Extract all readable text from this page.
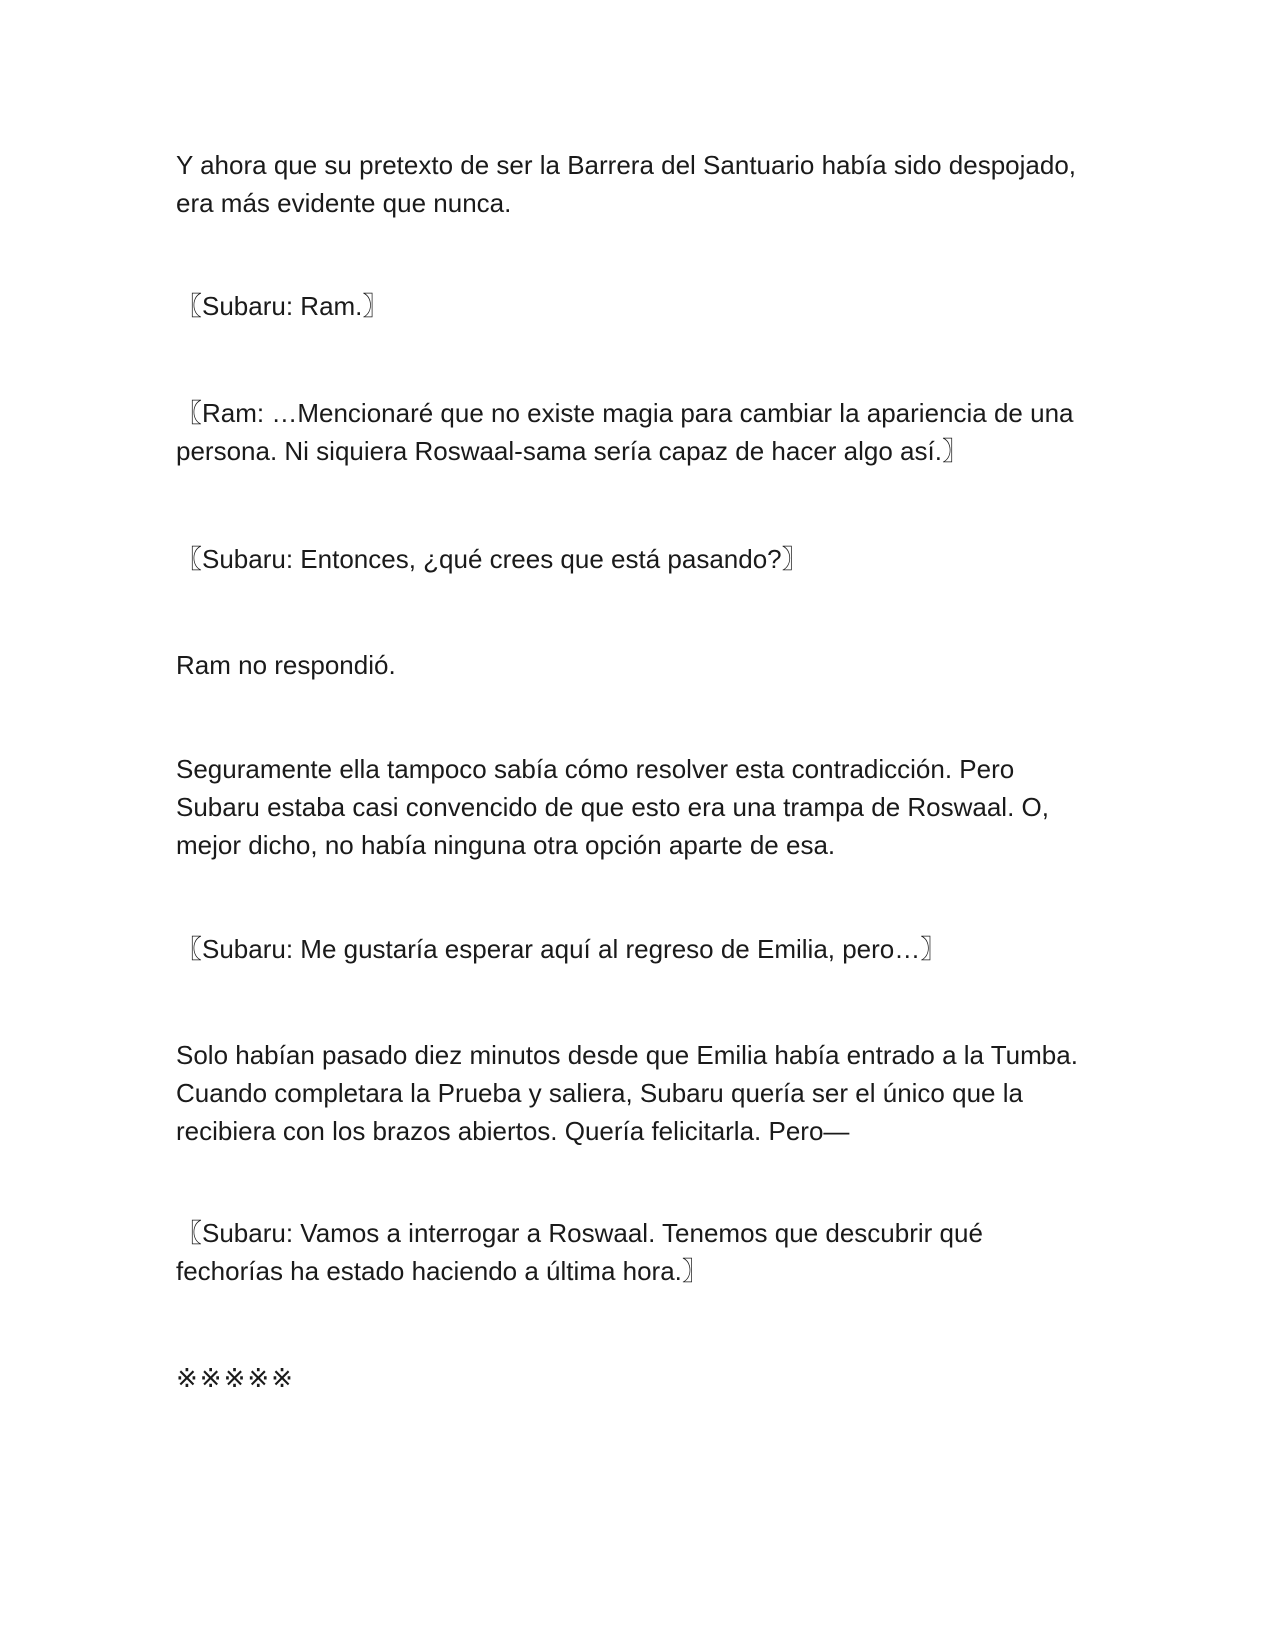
Y ahora que su pretexto de ser la Barrera del Santuario había sido despojado,
era más evidente que nunca.

〖Subaru: Ram.〗

〖Ram: …Mencionaré que no existe magia para cambiar la apariencia de una
persona. Ni siquiera Roswaal-sama sería capaz de hacer algo así.〗

〖Subaru: Entonces, ¿qué crees que está pasando?〗

Ram no respondió.

Seguramente ella tampoco sabía cómo resolver esta contradicción. Pero
Subaru estaba casi convencido de que esto era una trampa de Roswaal. O,
mejor dicho, no había ninguna otra opción aparte de esa.

〖Subaru: Me gustaría esperar aquí al regreso de Emilia, pero…〗

Solo habían pasado diez minutos desde que Emilia había entrado a la Tumba.
Cuando completara la Prueba y saliera, Subaru quería ser el único que la
recibiera con los brazos abiertos. Quería felicitarla. Pero—

〖Subaru: Vamos a interrogar a Roswaal. Tenemos que descubrir qué
fechorías ha estado haciendo a última hora.〗

※※※※※
